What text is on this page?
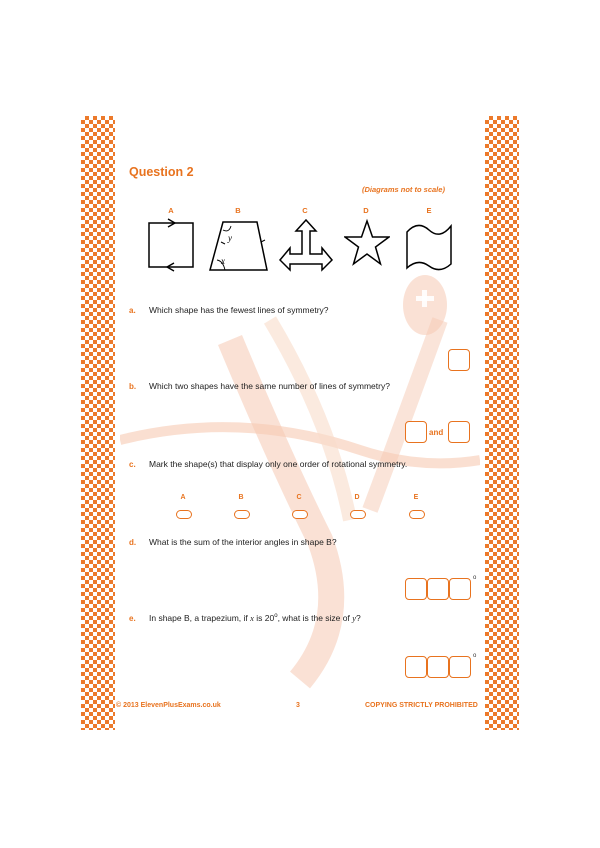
Question 2
(Diagrams not to scale)
A	B	C	D	E
y
x
a. Which shape has the fewest lines of symmetry?
b. Which two shapes have the same number of lines of symmetry?
and
c. Mark the shape(s) that display only one order of rotational symmetry.
A	B	C	D	E
d. What is the sum of the interior angles in shape B?
o
e. In shape B, a trapezium, if x is 20$^o$, what is the size of y?
o
© 2013 ElevenPlusExams.co.uk	3	COPYING STRICTLY PROHIBITED
